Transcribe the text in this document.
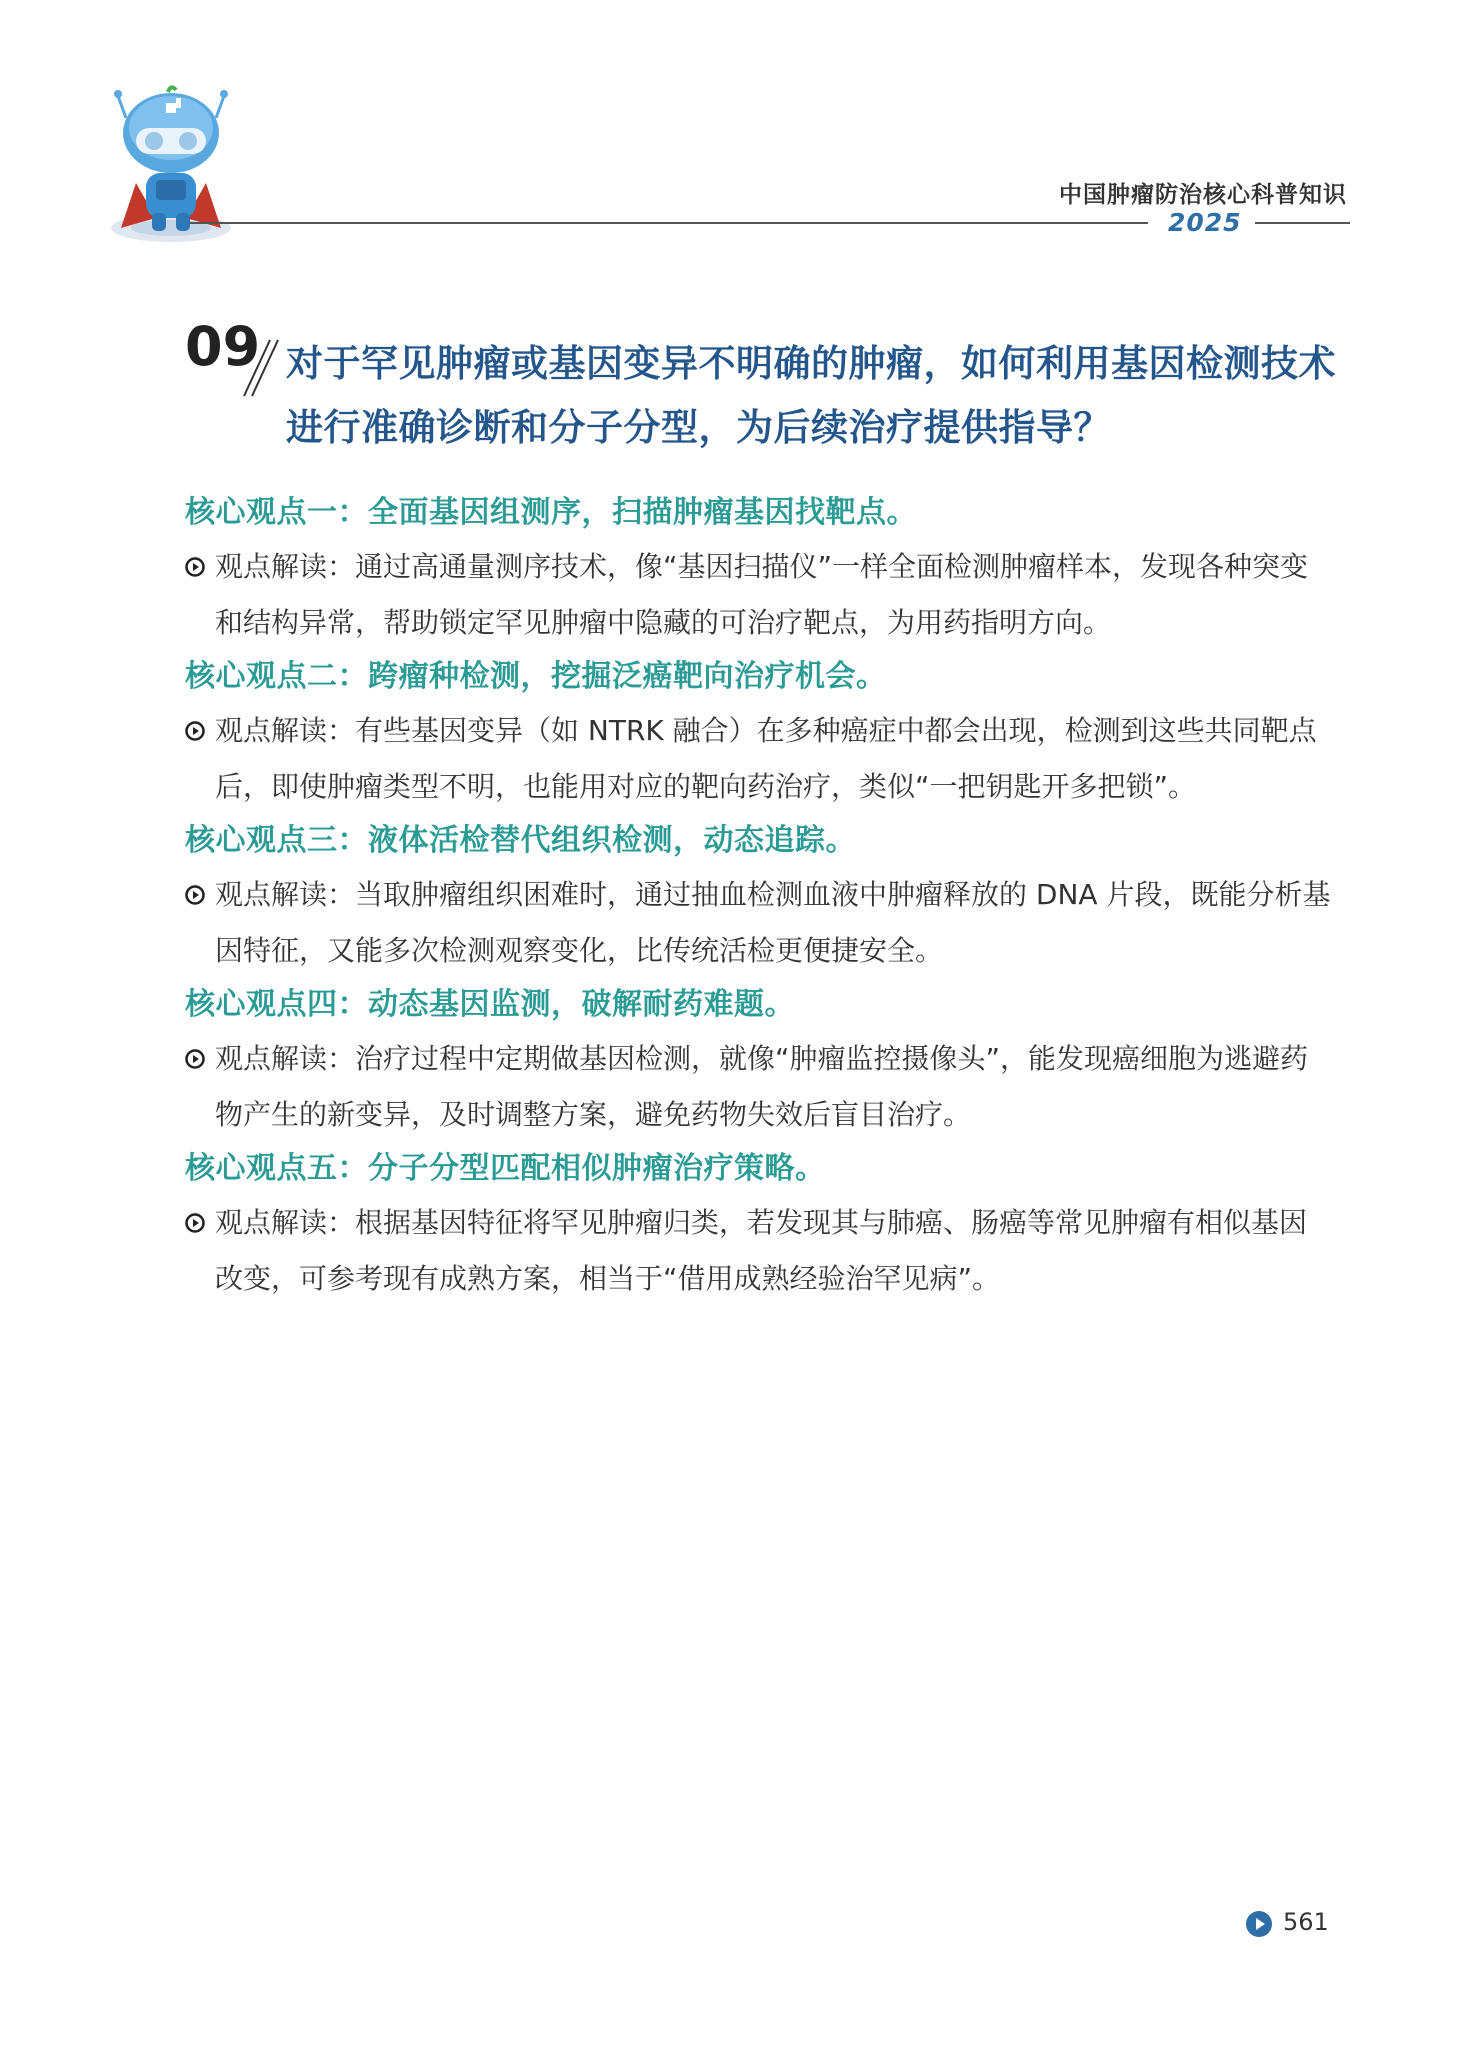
中国肿瘤防治核心科普知识
2025
09 对于罕见肿瘤或基因变异不明确的肿瘤，如何利用基因检测技术进行准确诊断和分子分型，为后续治疗提供指导？

核心观点一：全面基因组测序，扫描肿瘤基因找靶点。

观点解读：通过高通量测序技术，像“基因扫描仪”一样全面检测肿瘤样本，发现各种突变和结构异常，帮助锁定罕见肿瘤中隐藏的可治疗靶点，为用药指明方向。

核心观点二：跨瘤种检测，挖掘泛癌靶向治疗机会。

观点解读：有些基因变异（如 NTRK 融合）在多种癌症中都会出现，检测到这些共同靶点后，即使肿瘤类型不明，也能用对应的靶向药治疗，类似“一把钥匙开多把锁”。

核心观点三：液体活检替代组织检测，动态追踪。

观点解读：当取肿瘤组织困难时，通过抽血检测血液中肿瘤释放的 DNA 片段，既能分析基因特征，又能多次检测观察变化，比传统活检更便捷安全。

核心观点四：动态基因监测，破解耐药难题。

观点解读：治疗过程中定期做基因检测，就像“肿瘤监控摄像头”，能发现癌细胞为逃避药物产生的新变异，及时调整方案，避免药物失效后盲目治疗。

核心观点五：分子分型匹配相似肿瘤治疗策略。

观点解读：根据基因特征将罕见肿瘤归类，若发现其与肺癌、肠癌等常见肿瘤有相似基因改变，可参考现有成熟方案，相当于“借用成熟经验治罕见病”。

561
